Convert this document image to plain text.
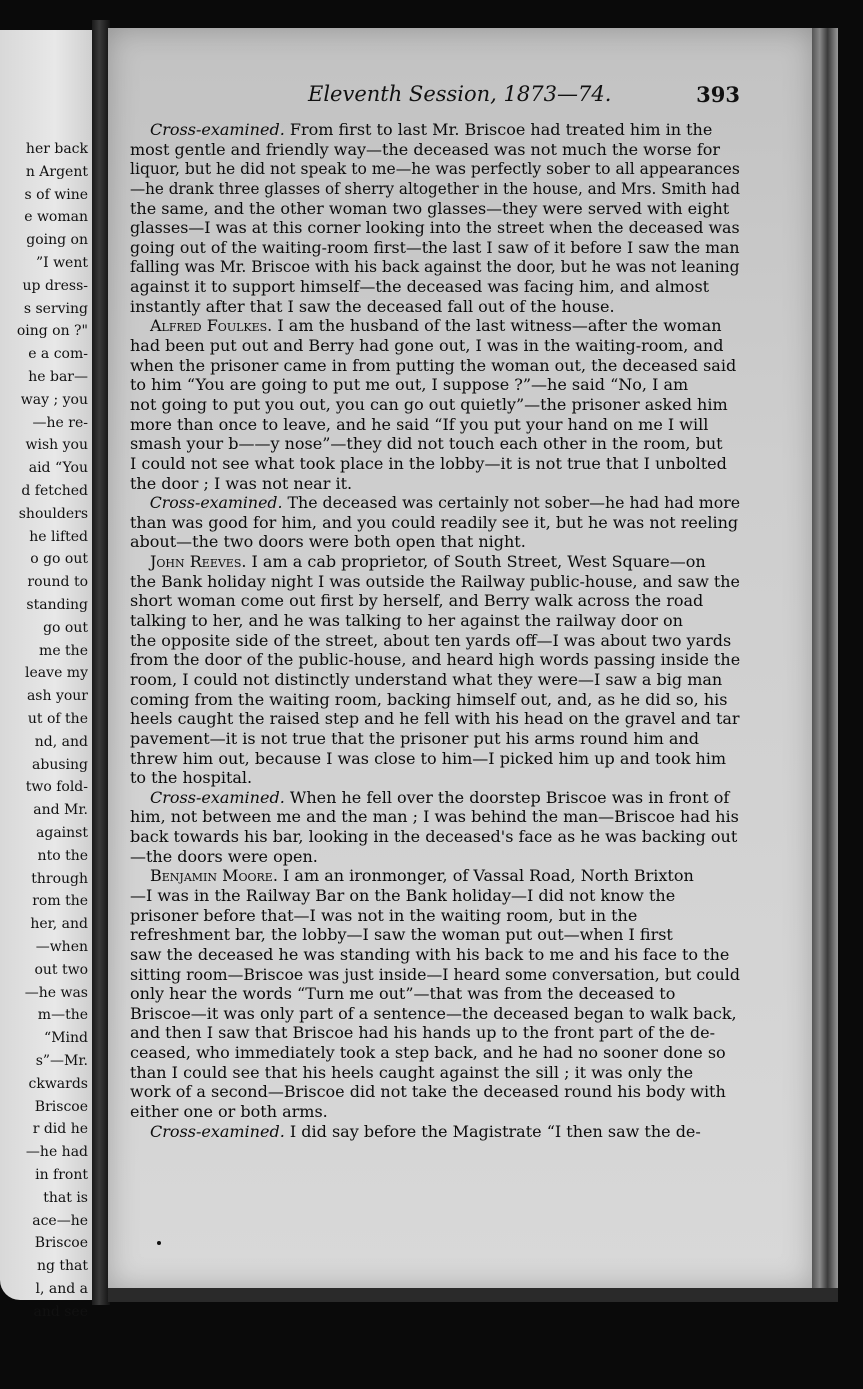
her back
n Argent
s of wine
e woman
going on
”I went
up dress-
s serving
oing on ?"
e a com-
he bar—
way ; you
—he re-
wish you
aid “You
d fetched
shoulders
he lifted
o go out
round to
standing
go out
me the
leave my
ash your
ut of the
nd, and
abusing
two fold-
and Mr.
against
nto the
through
rom the
her, and
—when
out two
—he was
m—the
“Mind
s”—Mr.
ckwards
Briscoe
r did he
—he had
in front
that is
ace—he
Briscoe
ng that
l, and a
and see
Eleventh Session, 1873—74.	393
Cross-examined. From first to last Mr. Briscoe had treated him in the
most gentle and friendly way—the deceased was not much the worse for
liquor, but he did not speak to me—he was perfectly sober to all appearances
—he drank three glasses of sherry altogether in the house, and Mrs. Smith had
the same, and the other woman two glasses—they were served with eight
glasses—I was at this corner looking into the street when the deceased was
going out of the waiting-room first—the last I saw of it before I saw the man
falling was Mr. Briscoe with his back against the door, but he was not leaning
against it to support himself—the deceased was facing him, and almost
instantly after that I saw the deceased fall out of the house.
Alfred Foulkes. I am the husband of the last witness—after the woman
had been put out and Berry had gone out, I was in the waiting-room, and
when the prisoner came in from putting the woman out, the deceased said
to him “You are going to put me out, I suppose ?”—he said “No, I am
not going to put you out, you can go out quietly”—the prisoner asked him
more than once to leave, and he said “If you put your hand on me I will
smash your b——y nose”—they did not touch each other in the room, but
I could not see what took place in the lobby—it is not true that I unbolted
the door ; I was not near it.
Cross-examined. The deceased was certainly not sober—he had had more
than was good for him, and you could readily see it, but he was not reeling
about—the two doors were both open that night.
John Reeves. I am a cab proprietor, of South Street, West Square—on
the Bank holiday night I was outside the Railway public-house, and saw the
short woman come out first by herself, and Berry walk across the road
talking to her, and he was talking to her against the railway door on
the opposite side of the street, about ten yards off—I was about two yards
from the door of the public-house, and heard high words passing inside the
room, I could not distinctly understand what they were—I saw a big man
coming from the waiting room, backing himself out, and, as he did so, his
heels caught the raised step and he fell with his head on the gravel and tar
pavement—it is not true that the prisoner put his arms round him and
threw him out, because I was close to him—I picked him up and took him
to the hospital.
Cross-examined. When he fell over the doorstep Briscoe was in front of
him, not between me and the man ; I was behind the man—Briscoe had his
back towards his bar, looking in the deceased's face as he was backing out
—the doors were open.
Benjamin Moore. I am an ironmonger, of Vassal Road, North Brixton
—I was in the Railway Bar on the Bank holiday—I did not know the
prisoner before that—I was not in the waiting room, but in the
refreshment bar, the lobby—I saw the woman put out—when I first
saw the deceased he was standing with his back to me and his face to the
sitting room—Briscoe was just inside—I heard some conversation, but could
only hear the words “Turn me out”—that was from the deceased to
Briscoe—it was only part of a sentence—the deceased began to walk back,
and then I saw that Briscoe had his hands up to the front part of the de-
ceased, who immediately took a step back, and he had no sooner done so
than I could see that his heels caught against the sill ; it was only the
work of a second—Briscoe did not take the deceased round his body with
either one or both arms.
Cross-examined. I did say before the Magistrate “I then saw the de-
